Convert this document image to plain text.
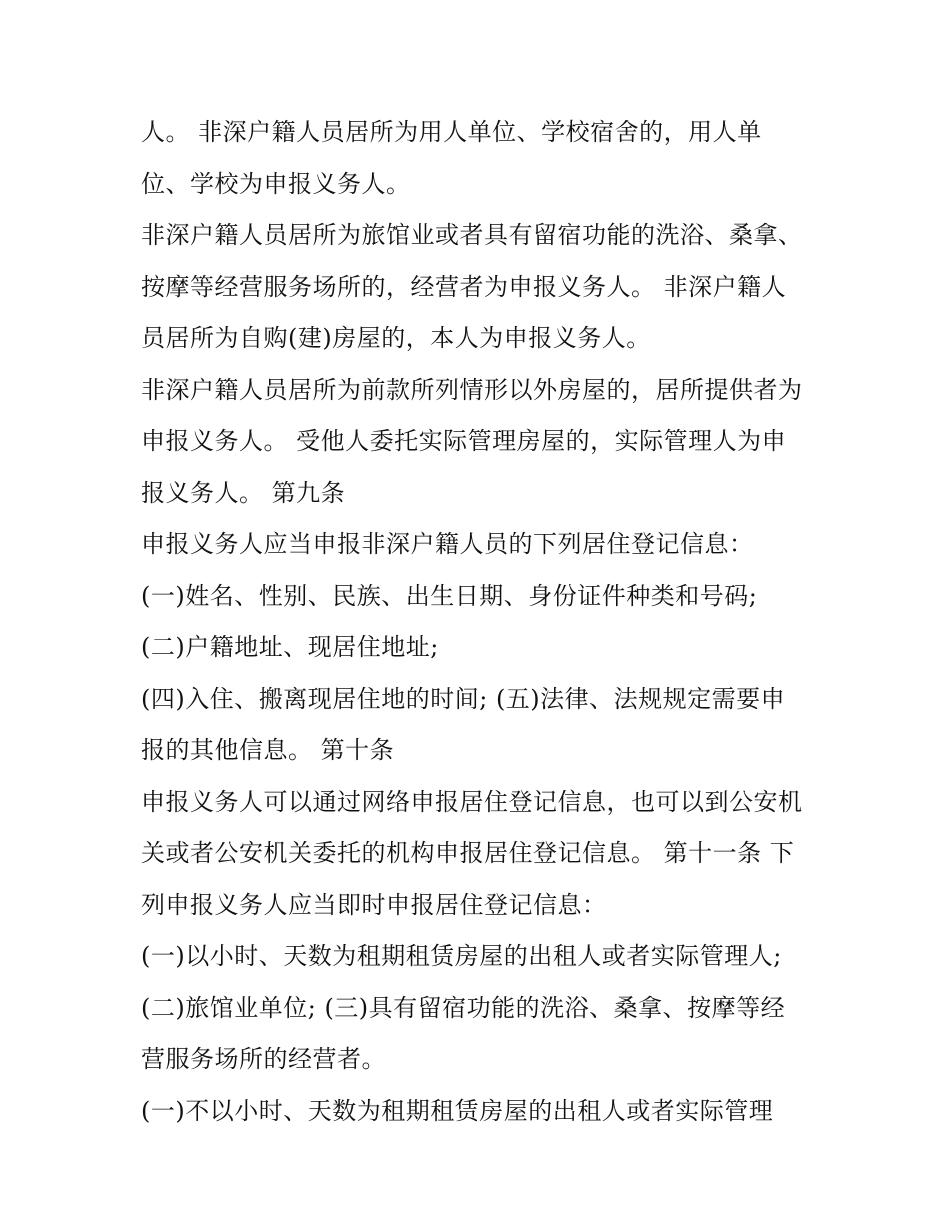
人。 非深户籍人员居所为用人单位、学校宿舍的，用人单
位、学校为申报义务人。
非深户籍人员居所为旅馆业或者具有留宿功能的洗浴、桑拿、
按摩等经营服务场所的，经营者为申报义务人。 非深户籍人
员居所为自购(建)房屋的，本人为申报义务人。
非深户籍人员居所为前款所列情形以外房屋的，居所提供者为
申报义务人。 受他人委托实际管理房屋的，实际管理人为申
报义务人。 第九条
申报义务人应当申报非深户籍人员的下列居住登记信息：
(一)姓名、性别、民族、出生日期、身份证件种类和号码;
(二)户籍地址、现居住地址;
(四)入住、搬离现居住地的时间; (五)法律、法规规定需要申
报的其他信息。 第十条
申报义务人可以通过网络申报居住登记信息，也可以到公安机
关或者公安机关委托的机构申报居住登记信息。 第十一条 下
列申报义务人应当即时申报居住登记信息：
(一)以小时、天数为租期租赁房屋的出租人或者实际管理人;
(二)旅馆业单位; (三)具有留宿功能的洗浴、桑拿、按摩等经
营服务场所的经营者。
(一)不以小时、天数为租期租赁房屋的出租人或者实际管理
